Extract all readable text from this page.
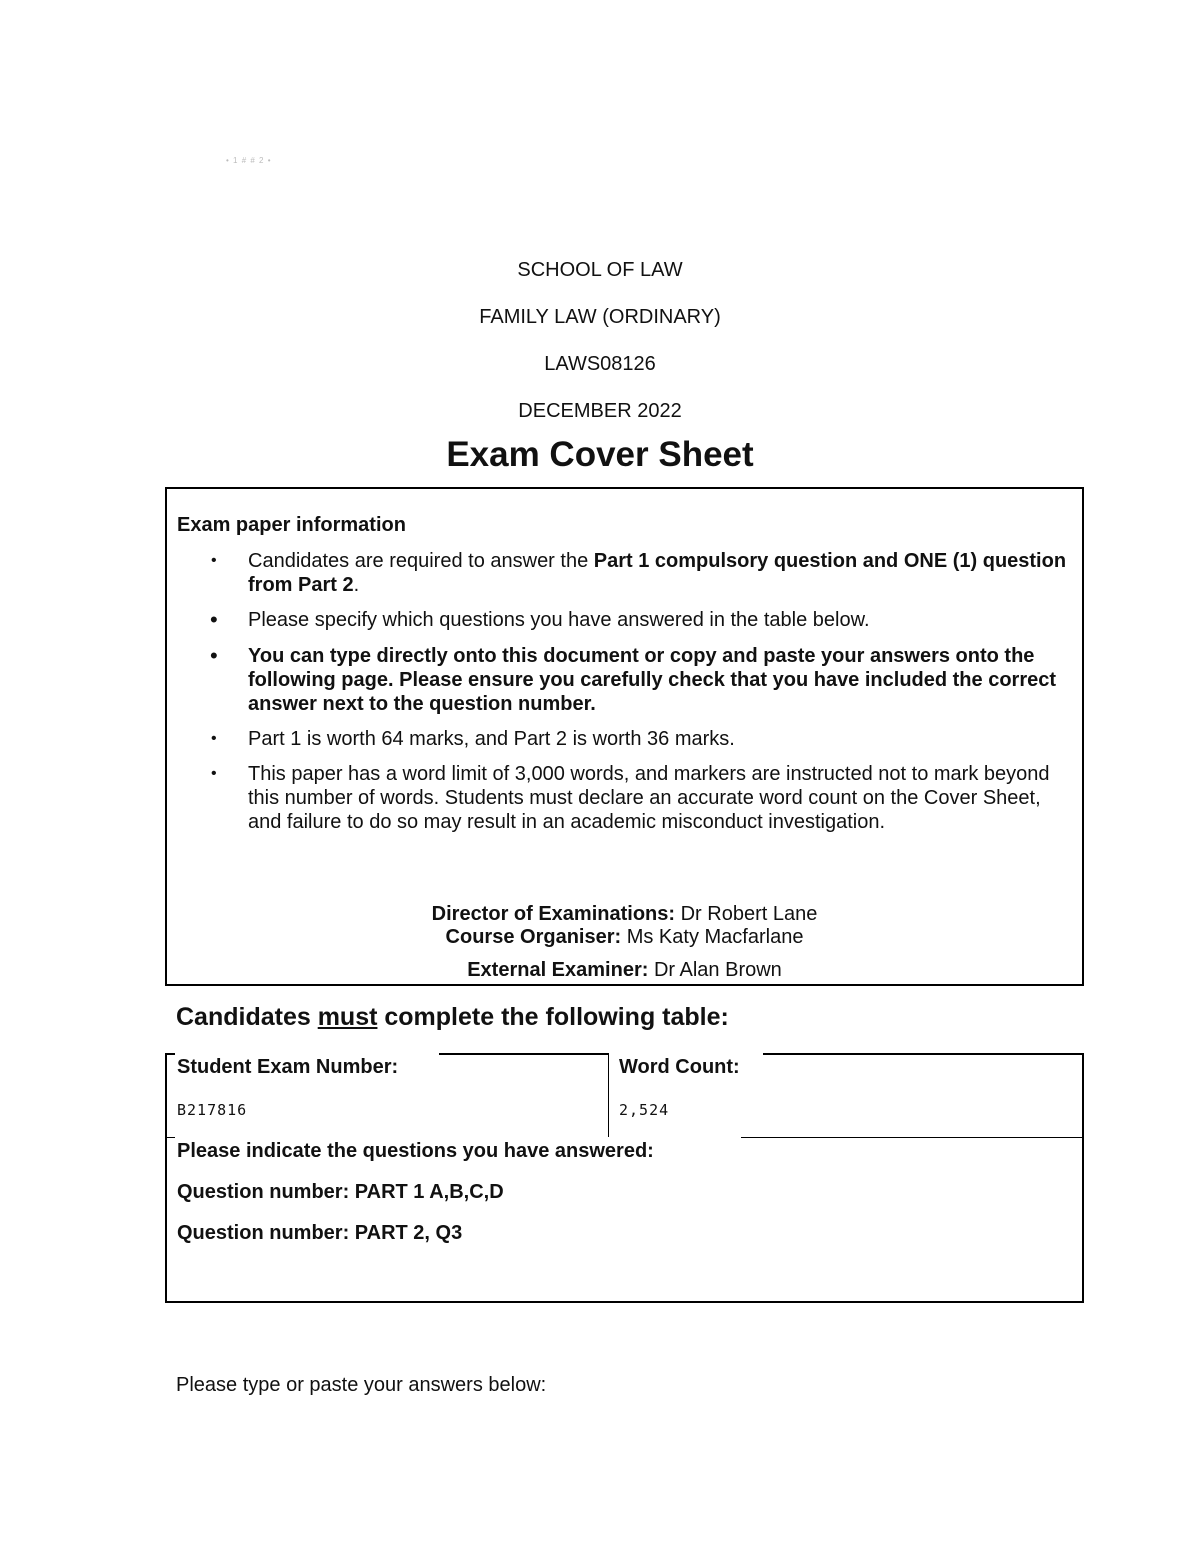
• 1 # # 2 •
SCHOOL OF LAW
FAMILY LAW (ORDINARY)
LAWS08126
DECEMBER 2022
Exam Cover Sheet
Exam paper information
• Candidates are required to answer the Part 1 compulsory question and ONE (1) question from Part 2.
• Please specify which questions you have answered in the table below.
• You can type directly onto this document or copy and paste your answers onto the following page. Please ensure you carefully check that you have included the correct answer next to the question number.
• Part 1 is worth 64 marks, and Part 2 is worth 36 marks.
• This paper has a word limit of 3,000 words, and markers are instructed not to mark beyond this number of words. Students must declare an accurate word count on the Cover Sheet, and failure to do so may result in an academic misconduct investigation.
Director of Examinations: Dr Robert Lane
Course Organiser: Ms Katy Macfarlane
External Examiner: Dr Alan Brown
Candidates must complete the following table:
Student Exam Number:
B217816
Word Count:
2,524
Please indicate the questions you have answered:
Question number: PART 1 A,B,C,D
Question number: PART 2, Q3
Please type or paste your answers below:
